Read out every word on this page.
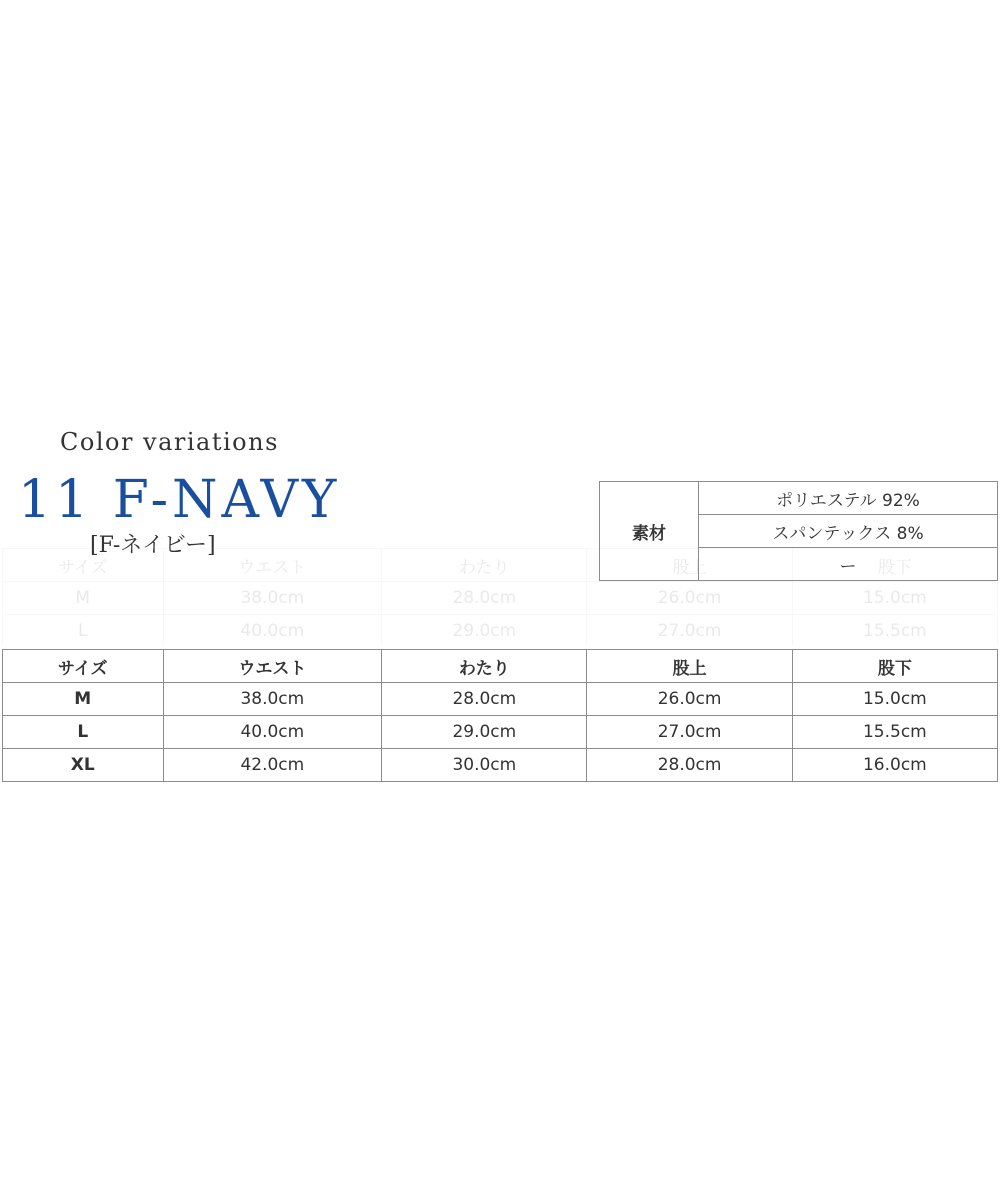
Color variations
11 F-NAVY
[F-ネイビー]
サイズ	ウエスト	わたり	股上	股下
M	38.0cm	28.0cm	26.0cm	15.0cm
L	40.0cm	29.0cm	27.0cm	15.5cm
素材	ポリエステル 92%
スパンテックス 8%
ー
サイズ	ウエスト	わたり	股上	股下
M	38.0cm	28.0cm	26.0cm	15.0cm
L	40.0cm	29.0cm	27.0cm	15.5cm
XL	42.0cm	30.0cm	28.0cm	16.0cm
